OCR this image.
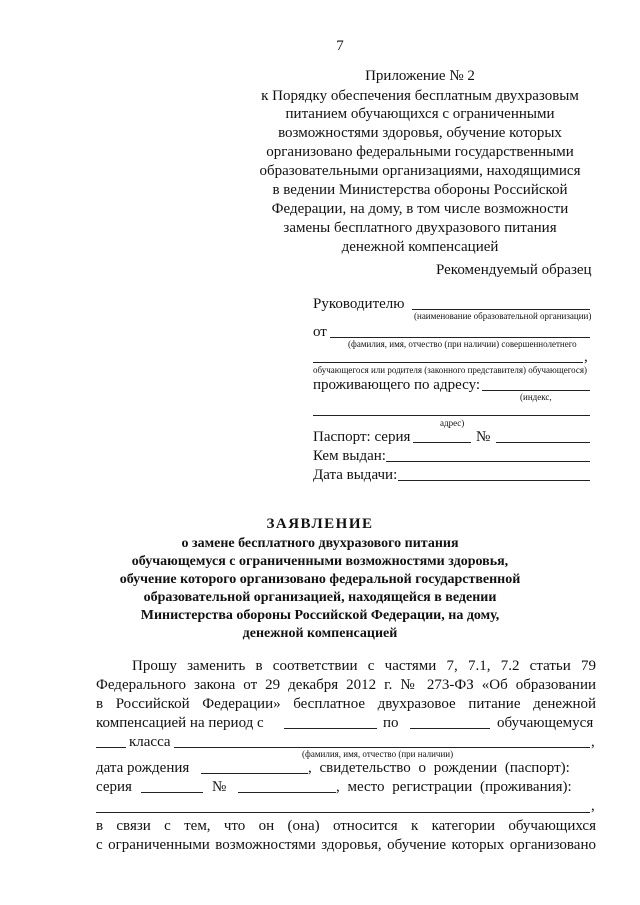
7
Приложение № 2
к Порядку обеспечения бесплатным двухразовым
питанием обучающихся с ограниченными
возможностями здоровья, обучение которых
организовано федеральными государственными
образовательными организациями, находящимися
в ведении Министерства обороны Российской
Федерации, на дому, в том числе возможности
замены бесплатного двухразового питания
денежной компенсацией
Рекомендуемый образец
Руководителю
(наименование образовательной организации)
от
(фамилия, имя, отчество (при наличии) совершеннолетнего
,
обучающегося или родителя (законного представителя) обучающегося)
проживающего по адресу:
(индекс,
адрес)
Паспорт: серия	№
Кем выдан:
Дата выдачи:
ЗАЯВЛЕНИЕ
о замене бесплатного двухразового питания
обучающемуся с ограниченными возможностями здоровья,
обучение которого организовано федеральной государственной
образовательной организацией, находящейся в ведении
Министерства обороны Российской Федерации, на дому,
денежной компенсацией
Прошу заменить в соответствии с частями 7, 7.1, 7.2 статьи 79
Федерального закона от 29 декабря 2012 г. № 273-ФЗ «Об образовании
в Российской Федерации» бесплатное двухразовое питание денежной
компенсацией на период с	по	обучающемуся
класса	,
(фамилия, имя, отчество (при наличии)
дата рождения	, свидетельство о рождении (паспорт):
серия	№	, место регистрации (проживания):
,
в связи с тем, что он (она) относится к категории обучающихся
с ограниченными возможностями здоровья, обучение которых организовано
